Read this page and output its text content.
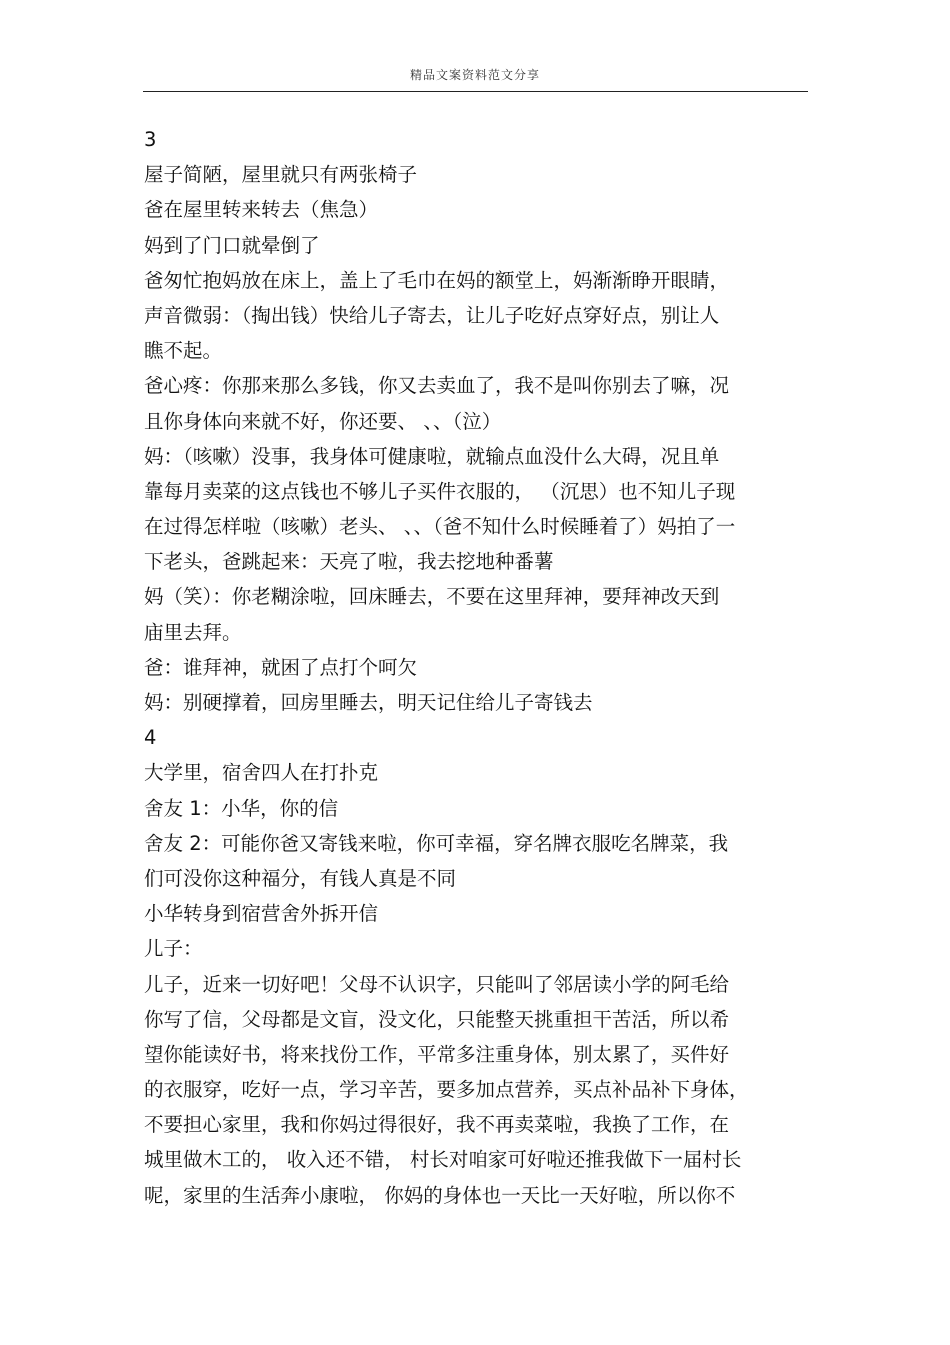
精品文案资料范文分享
3
屋子简陋，屋里就只有两张椅子
爸在屋里转来转去（焦急）
妈到了门口就晕倒了
爸匆忙抱妈放在床上，盖上了毛巾在妈的额堂上，妈渐渐睁开眼睛，
声音微弱：（掏出钱）快给儿子寄去，让儿子吃好点穿好点，别让人
瞧不起。
爸心疼：你那来那么多钱，你又去卖血了，我不是叫你别去了嘛，况
且你身体向来就不好，你还要、 、、（泣）
妈：（咳嗽）没事，我身体可健康啦，就输点血没什么大碍，况且单
靠每月卖菜的这点钱也不够儿子买件衣服的， （沉思）也不知儿子现
在过得怎样啦（咳嗽）老头、 、、（爸不知什么时候睡着了）妈拍了一
下老头，爸跳起来：天亮了啦，我去挖地种番薯
妈（笑）：你老糊涂啦，回床睡去，不要在这里拜神，要拜神改天到
庙里去拜。
爸：谁拜神，就困了点打个呵欠
妈：别硬撑着，回房里睡去，明天记住给儿子寄钱去
4
大学里，宿舍四人在打扑克
舍友 1：小华，你的信
舍友 2：可能你爸又寄钱来啦，你可幸福，穿名牌衣服吃名牌菜，我
们可没你这种福分，有钱人真是不同
小华转身到宿营舍外拆开信
儿子：
儿子，近来一切好吧！父母不认识字，只能叫了邻居读小学的阿毛给
你写了信，父母都是文盲，没文化，只能整天挑重担干苦活，所以希
望你能读好书，将来找份工作，平常多注重身体，别太累了，买件好
的衣服穿，吃好一点，学习辛苦，要多加点营养，买点补品补下身体，
不要担心家里，我和你妈过得很好，我不再卖菜啦，我换了工作，在
城里做木工的， 收入还不错， 村长对咱家可好啦还推我做下一届村长
呢，家里的生活奔小康啦， 你妈的身体也一天比一天好啦，所以你不
